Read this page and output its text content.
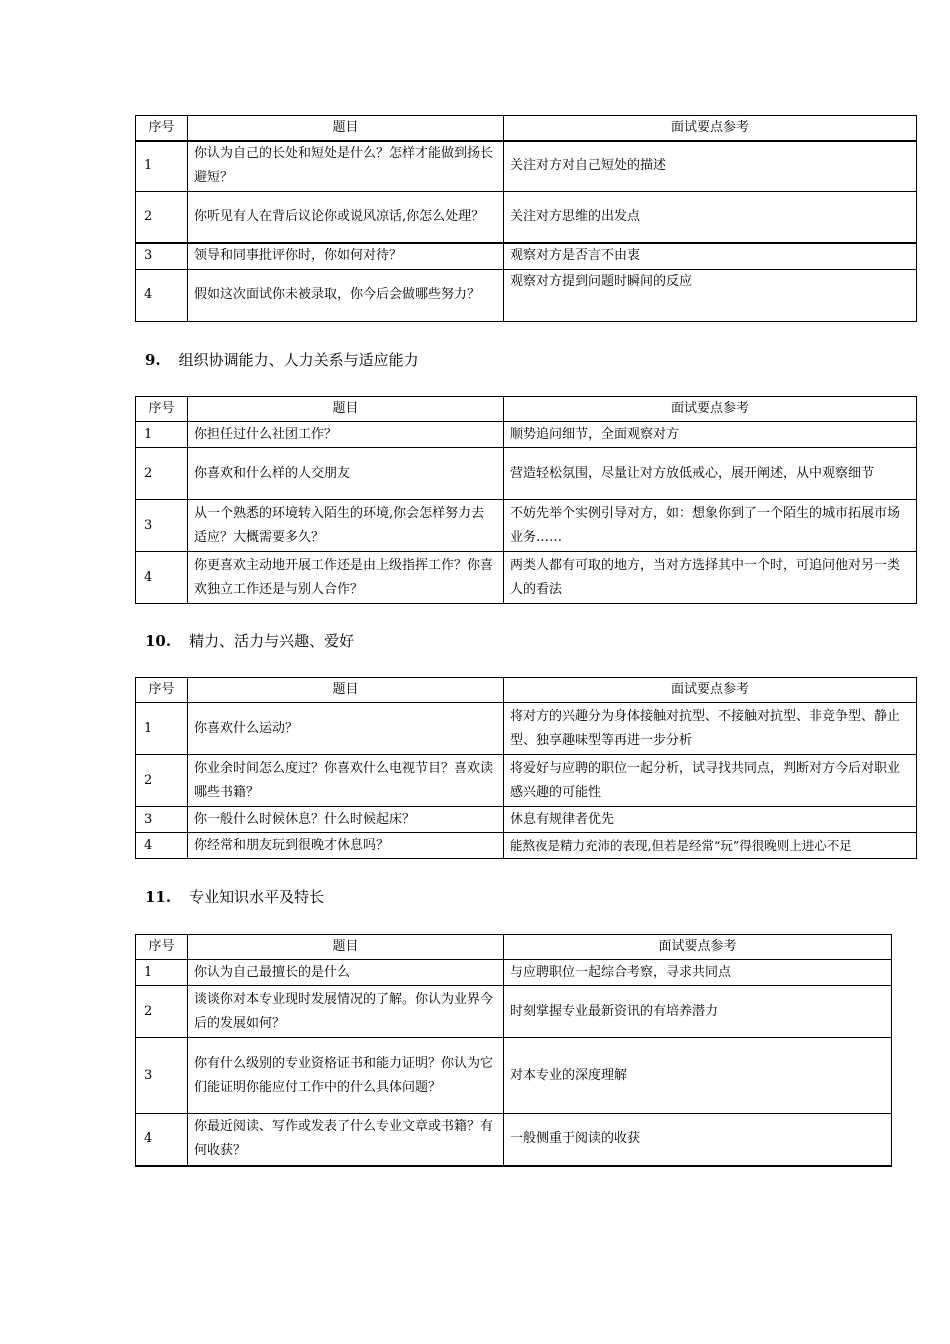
序号	题目	面试要点参考
1	你认为自己的长处和短处是什么？怎样才能做到扬长避短？	关注对方对自己短处的描述
2	你听见有人在背后议论你或说风凉话,你怎么处理？	关注对方思维的出发点
3	领导和同事批评你时，你如何对待？	观察对方是否言不由衷
4	假如这次面试你未被录取，你今后会做哪些努力？	观察对方提到问题时瞬间的反应
9. 组织协调能力、人力关系与适应能力
序号	题目	面试要点参考
1	你担任过什么社团工作？	顺势追问细节，全面观察对方
2	你喜欢和什么样的人交朋友	营造轻松氛围，尽量让对方放低戒心，展开阐述，从中观察细节
3	从一个熟悉的环境转入陌生的环境,你会怎样努力去适应？大概需要多久？	不妨先举个实例引导对方，如：想象你到了一个陌生的城市拓展市场业务……
4	你更喜欢主动地开展工作还是由上级指挥工作？你喜欢独立工作还是与别人合作？	两类人都有可取的地方，当对方选择其中一个时，可追问他对另一类人的看法
10. 精力、活力与兴趣、爱好
序号	题目	面试要点参考
1	你喜欢什么运动？	将对方的兴趣分为身体接触对抗型、不接触对抗型、非竞争型、静止型、独享趣味型等再进一步分析
2	你业余时间怎么度过？你喜欢什么电视节目？喜欢读哪些书籍？	将爱好与应聘的职位一起分析，试寻找共同点，判断对方今后对职业感兴趣的可能性
3	你一般什么时候休息？什么时候起床？	休息有规律者优先
4	你经常和朋友玩到很晚才休息吗？	能熬夜是精力充沛的表现,但若是经常“玩”得很晚则上进心不足
11. 专业知识水平及特长
序号	题目	面试要点参考
1	你认为自己最擅长的是什么	与应聘职位一起综合考察，寻求共同点
2	谈谈你对本专业现时发展情况的了解。你认为业界今后的发展如何？	时刻掌握专业最新资讯的有培养潜力
3	你有什么级别的专业资格证书和能力证明？你认为它们能证明你能应付工作中的什么具体问题？	对本专业的深度理解
4	你最近阅读、写作或发表了什么专业文章或书籍？有何收获？	一般侧重于阅读的收获
